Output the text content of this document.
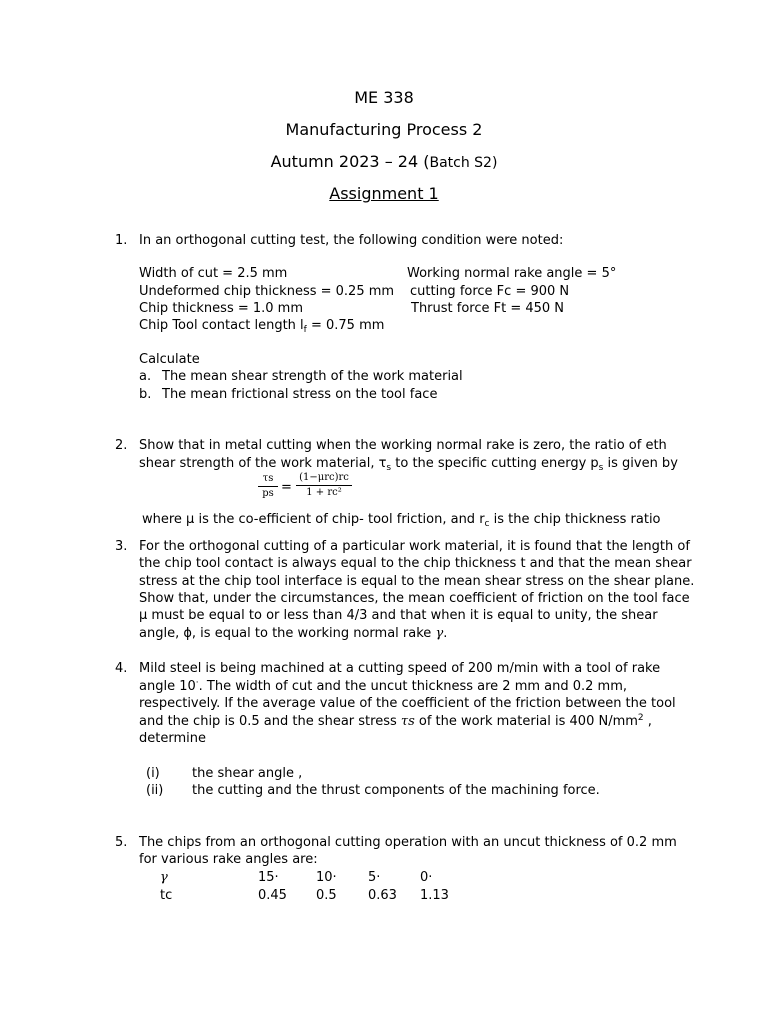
ME 338
Manufacturing Process 2
Autumn 2023 – 24 (Batch S2)
Assignment 1
1. In an orthogonal cutting test, the following condition were noted:
Width of cut = 2.5 mm	Working normal rake angle = 5°
Undeformed chip thickness = 0.25 mm cutting force Fc = 900 N
Chip thickness = 1.0 mm	Thrust force Ft = 450 N
Chip Tool contact length $l_f = 0.75$ mm
Calculate
a. The mean shear strength of the work material
b. The mean frictional stress on the tool face
2. Show that in metal cutting when the working normal rake is zero, the ratio of eth
shear strength of the work material, $\tau_s$ to the specific cutting energy $p_s$ is given by
τs
ps =
(1−μrc)rc
1 + rc²
where μ is the co-efficient of chip- tool friction, and $r_c$ is the chip thickness ratio
3. For the orthogonal cutting of a particular work material, it is found that the length of
the chip tool contact is always equal to the chip thickness t and that the mean shear
stress at the chip tool interface is equal to the mean shear stress on the shear plane.
Show that, under the circumstances, the mean coefficient of friction on the tool face
μ must be equal to or less than 4/3 and that when it is equal to unity, the shear
angle, ϕ, is equal to the working normal rake γ.
4. Mild steel is being machined at a cutting speed of 200 m/min with a tool of rake
angle 10·. The width of cut and the uncut thickness are 2 mm and 0.2 mm,
respectively. If the average value of the coefficient of the friction between the tool
and the chip is 0.5 and the shear stress τs of the work material is 400 $N/mm^2$ ,
determine
(i) the shear angle ,
(ii) the cutting and the thrust components of the machining force.
5. The chips from an orthogonal cutting operation with an uncut thickness of 0.2 mm
for various rake angles are:
γ	15·	10·	5·	0·
tc	0.45	0.5	0.63	1.13
